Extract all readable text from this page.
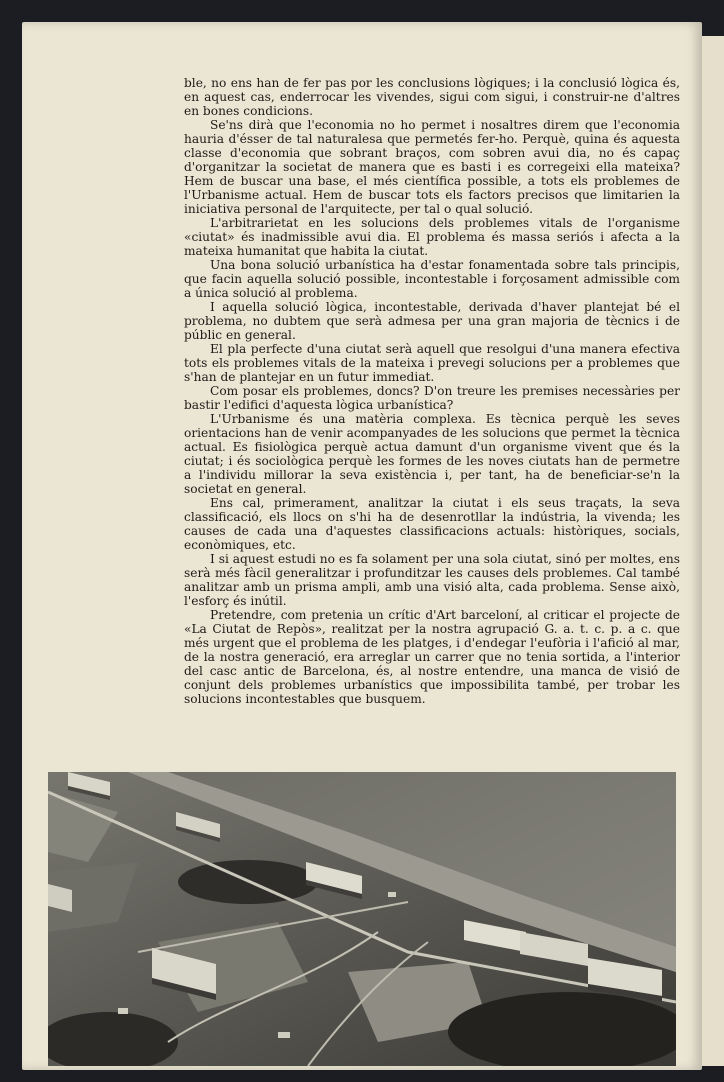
ble, no ens han de fer pas por les conclusions lògiques; i la conclusió lògica és, en aquest cas, enderrocar les vivendes, sigui com sigui, i construir-ne d'altres en bones condicions.

Se'ns dirà que l'economia no ho permet i nosaltres direm que l'economia hauria d'ésser de tal naturalesa que permetés fer-ho. Perquè, quina és aquesta classe d'economia que sobrant braços, com sobren avui dia, no és capaç d'organitzar la societat de manera que es basti i es corregeixi ella mateixa? Hem de buscar una base, el més científica possible, a tots els problemes de l'Urbanisme actual. Hem de buscar tots els factors precisos que limitarien la iniciativa personal de l'arquitecte, per tal o qual solució.

L'arbitrarietat en les solucions dels problemes vitals de l'organisme «ciutat» és inadmissible avui dia. El problema és massa seriós i afecta a la mateixa humanitat que habita la ciutat.

Una bona solució urbanística ha d'estar fonamentada sobre tals principis, que facin aquella solució possible, incontestable i forçosament admissible com a única solució al problema.

I aquella solució lògica, incontestable, derivada d'haver plantejat bé el problema, no dubtem que serà admesa per una gran majoria de tècnics i de públic en general.

El pla perfecte d'una ciutat serà aquell que resolgui d'una manera efectiva tots els problemes vitals de la mateixa i prevegi solucions per a problemes que s'han de plantejar en un futur immediat.

Com posar els problemes, doncs? D'on treure les premises necessàries per bastir l'edifici d'aquesta lògica urbanística?

L'Urbanisme és una matèria complexa. Es tècnica perquè les seves orientacions han de venir acompanyades de les solucions que permet la tècnica actual. Es fisiològica perquè actua damunt d'un organisme vivent que és la ciutat; i és sociològica perquè les formes de les noves ciutats han de permetre a l'individu millorar la seva existència i, per tant, ha de beneficiar-se'n la societat en general.

Ens cal, primerament, analitzar la ciutat i els seus traçats, la seva classificació, els llocs on s'hi ha de desenrotllar la indústria, la vivenda; les causes de cada una d'aquestes classificacions actuals: històriques, socials, econòmiques, etc.

I si aquest estudi no es fa solament per una sola ciutat, sinó per moltes, ens serà més fàcil generalitzar i profunditzar les causes dels problemes. Cal també analitzar amb un prisma ampli, amb una visió alta, cada problema. Sense això, l'esforç és inútil.

Pretendre, com pretenia un crític d'Art barceloní, al criticar el projecte de «La Ciutat de Repòs», realitzat per la nostra agrupació G. a. t. c. p. a c. que més urgent que el problema de les platges, i d'endegar l'eufòria i l'afició al mar, de la nostra generació, era arreglar un carrer que no tenia sortida, a l'interior del casc antic de Barcelona, és, al nostre entendre, una manca de visió de conjunt dels problemes urbanístics que impossibilita també, per trobar les solucions incontestables que busquem.
